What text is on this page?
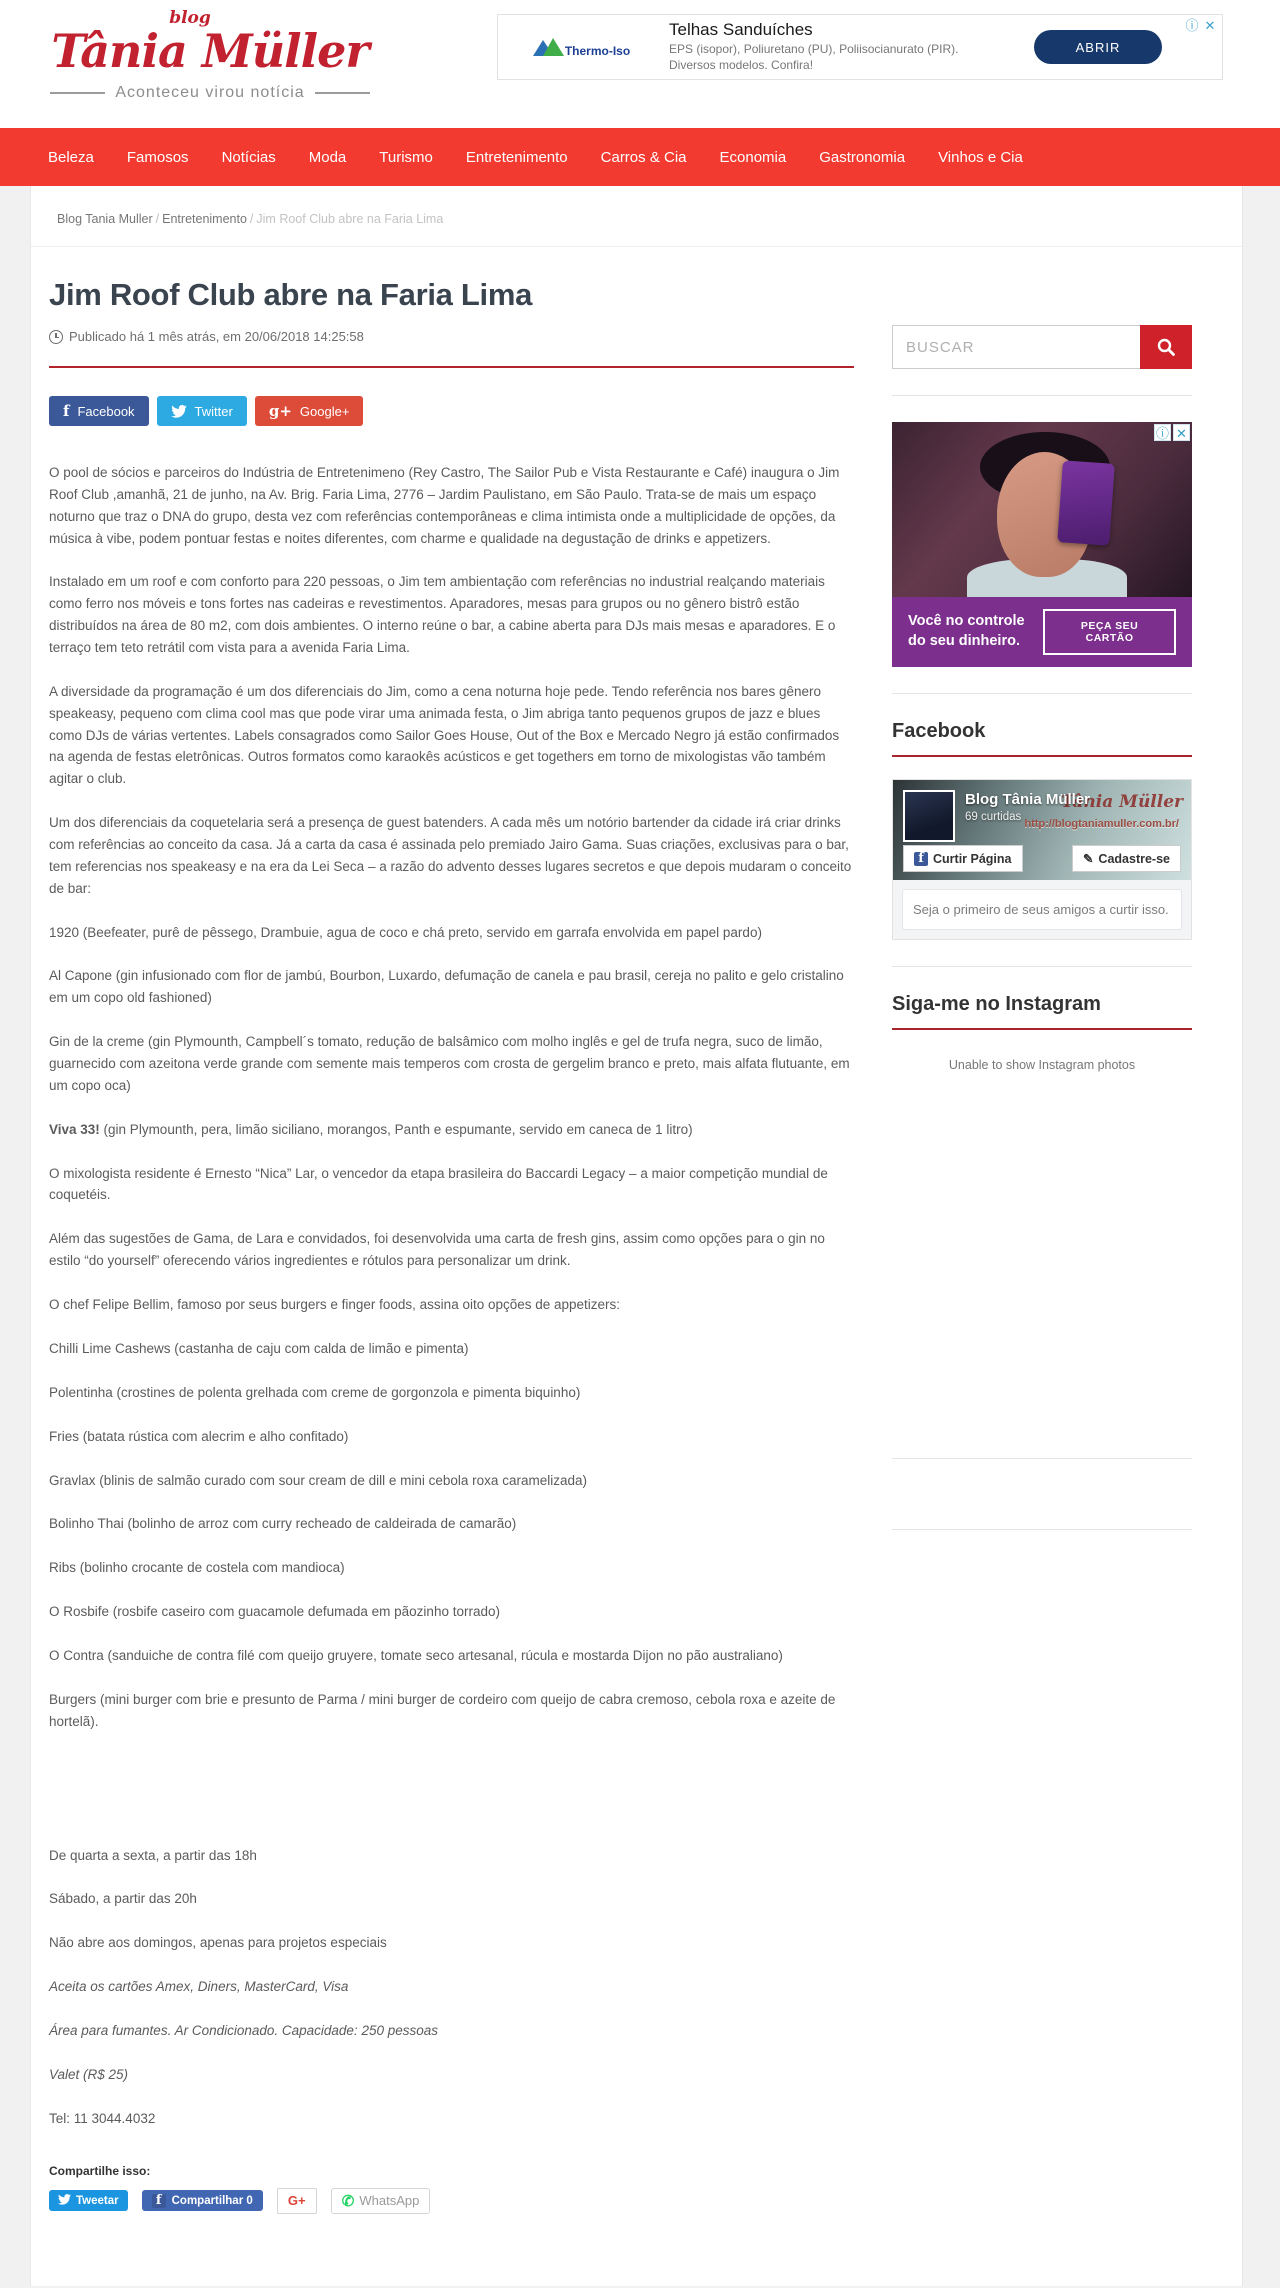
blog
Tânia Müller
Aconteceu virou notícia
Thermo-Iso
Telhas Sanduíches
EPS (isopor), Poliuretano (PU), Poliisocianurato (PIR).
Diversos modelos. Confira!
ABRIR
ⓘ ✕
Beleza Famosos Notícias Moda Turismo Entretenimento Carros & Cia Economia Gastronomia Vinhos e Cia
Blog Tania Muller / Entretenimento / Jim Roof Club abre na Faria Lima
Jim Roof Club abre na Faria Lima
Publicado há 1 mês atrás, em 20/06/2018 14:25:58
f Facebook	Twitter g+ Google+

O pool de sócios e parceiros do Indústria de Entretenimeno (Rey Castro, The Sailor Pub e Vista Restaurante e Café) inaugura o Jim Roof Club ,amanhã, 21 de junho, na Av. Brig. Faria Lima, 2776 – Jardim Paulistano, em São Paulo. Trata-se de mais um espaço noturno que traz o DNA do grupo, desta vez com referências contemporâneas e clima intimista onde a multiplicidade de opções, da música à vibe, podem pontuar festas e noites diferentes, com charme e qualidade na degustação de drinks e appetizers.

Instalado em um roof e com conforto para 220 pessoas, o Jim tem ambientação com referências no industrial realçando materiais como ferro nos móveis e tons fortes nas cadeiras e revestimentos. Aparadores, mesas para grupos ou no gênero bistrô estão distribuídos na área de 80 m2, com dois ambientes. O interno reúne o bar, a cabine aberta para DJs mais mesas e aparadores. E o terraço tem teto retrátil com vista para a avenida Faria Lima.

A diversidade da programação é um dos diferenciais do Jim, como a cena noturna hoje pede. Tendo referência nos bares gênero speakeasy, pequeno com clima cool mas que pode virar uma animada festa, o Jim abriga tanto pequenos grupos de jazz e blues como DJs de várias vertentes. Labels consagrados como Sailor Goes House, Out of the Box e Mercado Negro já estão confirmados na agenda de festas eletrônicas. Outros formatos como karaokês acústicos e get togethers em torno de mixologistas vão também agitar o club.

Um dos diferenciais da coquetelaria será a presença de guest batenders. A cada mês um notório bartender da cidade irá criar drinks com referências ao conceito da casa. Já a carta da casa é assinada pelo premiado Jairo Gama. Suas criações, exclusivas para o bar, tem referencias nos speakeasy e na era da Lei Seca – a razão do advento desses lugares secretos e que depois mudaram o conceito de bar:

1920 (Beefeater, purê de pêssego, Drambuie, agua de coco e chá preto, servido em garrafa envolvida em papel pardo)

Al Capone (gin infusionado com flor de jambú, Bourbon, Luxardo, defumação de canela e pau brasil, cereja no palito e gelo cristalino em um copo old fashioned)

Gin de la creme (gin Plymounth, Campbell´s tomato, redução de balsâmico com molho inglês e gel de trufa negra, suco de limão, guarnecido com azeitona verde grande com semente mais temperos com crosta de gergelim branco e preto, mais alfata flutuante, em um copo oca)

Viva 33! (gin Plymounth, pera, limão siciliano, morangos, Panth e espumante, servido em caneca de 1 litro)

O mixologista residente é Ernesto “Nica” Lar, o vencedor da etapa brasileira do Baccardi Legacy – a maior competição mundial de coquetéis.

Além das sugestões de Gama, de Lara e convidados, foi desenvolvida uma carta de fresh gins, assim como opções para o gin no estilo “do yourself” oferecendo vários ingredientes e rótulos para personalizar um drink.

O chef Felipe Bellim, famoso por seus burgers e finger foods, assina oito opções de appetizers:

Chilli Lime Cashews (castanha de caju com calda de limão e pimenta)

Polentinha (crostines de polenta grelhada com creme de gorgonzola e pimenta biquinho)

Fries (batata rústica com alecrim e alho confitado)

Gravlax (blinis de salmão curado com sour cream de dill e mini cebola roxa caramelizada)

Bolinho Thai (bolinho de arroz com curry recheado de caldeirada de camarão)

Ribs (bolinho crocante de costela com mandioca)

O Rosbife (rosbife caseiro com guacamole defumada em pãozinho torrado)

O Contra (sanduiche de contra filé com queijo gruyere, tomate seco artesanal, rúcula e mostarda Dijon no pão australiano)

Burgers (mini burger com brie e presunto de Parma / mini burger de cordeiro com queijo de cabra cremoso, cebola roxa e azeite de hortelã).

De quarta a sexta, a partir das 18h

Sábado, a partir das 20h

Não abre aos domingos, apenas para projetos especiais

Aceita os cartões Amex, Diners, MasterCard, Visa

Área para fumantes. Ar Condicionado. Capacidade: 250 pessoas

Valet (R$ 25)

Tel: 11 3044.4032

Compartilhe isso:
Tweetar	f Compartilhar 0	G+	✆ WhatsApp
BUSCAR
Você no controle do seu dinheiro.
PEÇA SEU CARTÃO
ⓘ ✕
Facebook
Tânia Müller
http://blogtaniamuller.com.br/
Blog Tânia Müller
69 curtidas
f Curtir Página	✎ Cadastre-se
Seja o primeiro de seus amigos a curtir isso.
Siga-me no Instagram
Unable to show Instagram photos
